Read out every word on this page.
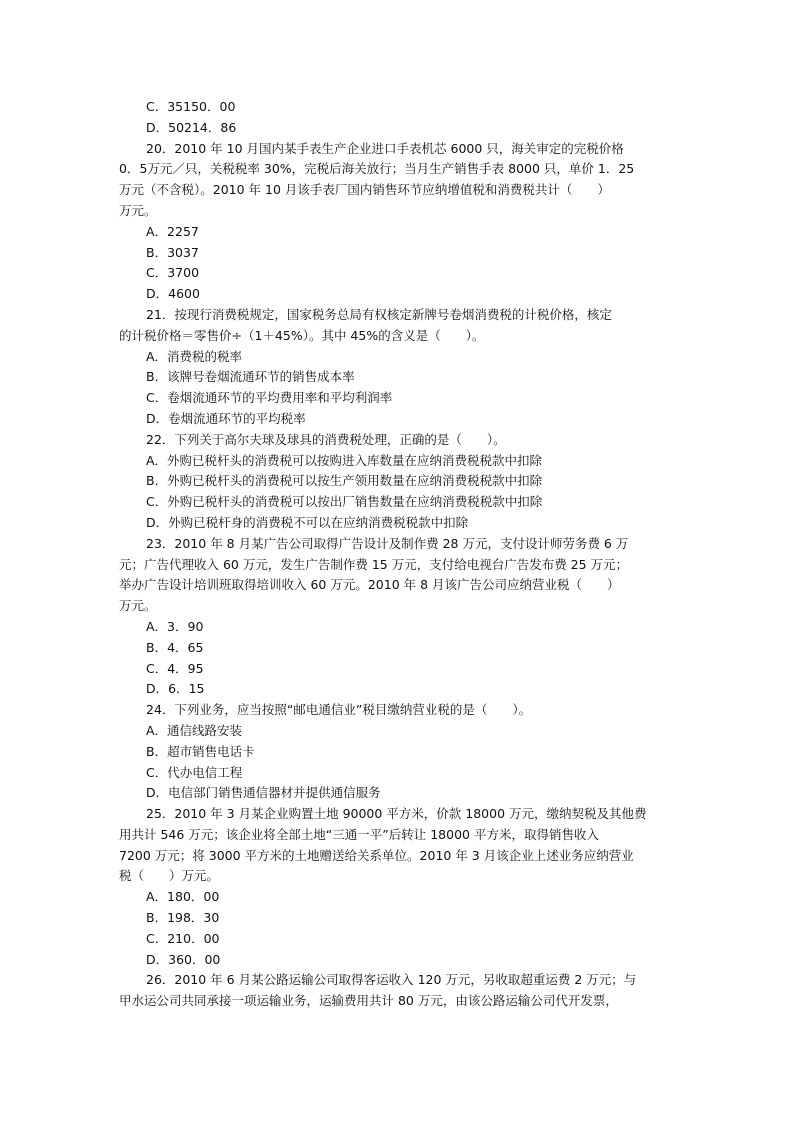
C．35150．00
D．50214．86
20．2010 年 10 月国内某手表生产企业进口手表机芯 6000 只，海关审定的完税价格
0．5万元／只，关税税率 30%，完税后海关放行；当月生产销售手表 8000 只，单价 1．25
万元（不含税）。2010 年 10 月该手表厂国内销售环节应纳增值税和消费税共计（　　）
万元。
A．2257
B．3037
C．3700
D．4600
21．按现行消费税规定，国家税务总局有权核定新牌号卷烟消费税的计税价格，核定
的计税价格＝零售价÷（1＋45%）。其中 45%的含义是（　　）。
A．消费税的税率
B．该牌号卷烟流通环节的销售成本率
C．卷烟流通环节的平均费用率和平均利润率
D．卷烟流通环节的平均税率
22．下列关于高尔夫球及球具的消费税处理，正确的是（　　）。
A．外购已税杆头的消费税可以按购进入库数量在应纳消费税税款中扣除
B．外购已税杆头的消费税可以按生产领用数量在应纳消费税税款中扣除
C．外购已税杆头的消费税可以按出厂销售数量在应纳消费税税款中扣除
D．外购已税杆身的消费税不可以在应纳消费税税款中扣除
23．2010 年 8 月某广告公司取得广告设计及制作费 28 万元，支付设计师劳务费 6 万
元；广告代理收入 60 万元，发生广告制作费 15 万元，支付给电视台广告发布费 25 万元；
举办广告设计培训班取得培训收入 60 万元。2010 年 8 月该广告公司应纳营业税（　　）
万元。
A．3．90
B．4．65
C．4．95
D．6．15
24．下列业务，应当按照“邮电通信业”税目缴纳营业税的是（　　）。
A．通信线路安装
B．超市销售电话卡
C．代办电信工程
D．电信部门销售通信器材并提供通信服务
25．2010 年 3 月某企业购置土地 90000 平方米，价款 18000 万元，缴纳契税及其他费
用共计 546 万元；该企业将全部土地“三通一平”后转让 18000 平方米，取得销售收入
7200 万元；将 3000 平方米的土地赠送给关系单位。2010 年 3 月该企业上述业务应纳营业
税（　　）万元。
A．180．00
B．198．30
C．210．00
D．360．00
26．2010 年 6 月某公路运输公司取得客运收入 120 万元，另收取超重运费 2 万元；与
甲水运公司共同承接一项运输业务，运输费用共计 80 万元，由该公路运输公司代开发票，
